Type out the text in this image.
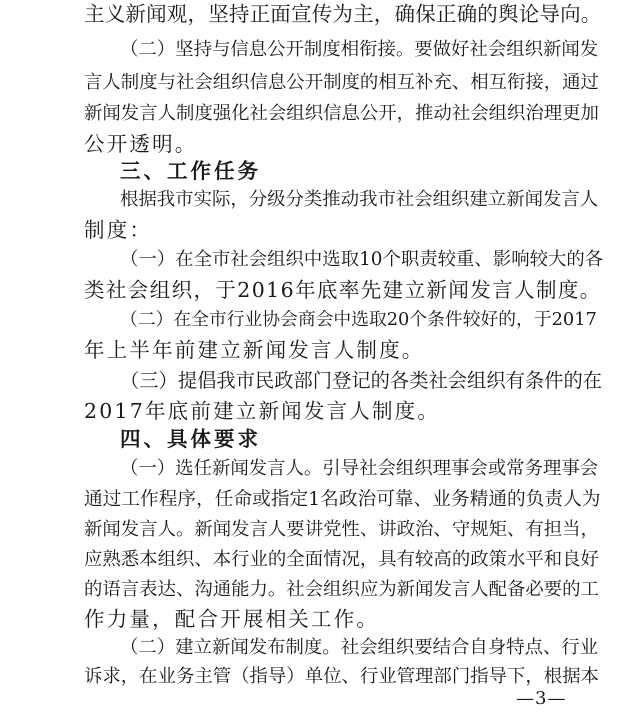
主义新闻观，坚持正面宣传为主，确保正确的舆论导向。
（二）坚持与信息公开制度相衔接。要做好社会组织新闻发
言人制度与社会组织信息公开制度的相互补充、相互衔接，通过
新闻发言人制度强化社会组织信息公开，推动社会组织治理更加
公开透明。
三、工作任务
根据我市实际，分级分类推动我市社会组织建立新闻发言人
制度：
（一）在全市社会组织中选取10个职责较重、影响较大的各
类社会组织，于2016年底率先建立新闻发言人制度。
（二）在全市行业协会商会中选取20个条件较好的，于2017
年上半年前建立新闻发言人制度。
（三）提倡我市民政部门登记的各类社会组织有条件的在
2017年底前建立新闻发言人制度。
四、具体要求
（一）选任新闻发言人。引导社会组织理事会或常务理事会
通过工作程序，任命或指定1名政治可靠、业务精通的负责人为
新闻发言人。新闻发言人要讲党性、讲政治、守规矩、有担当，
应熟悉本组织、本行业的全面情况，具有较高的政策水平和良好
的语言表达、沟通能力。社会组织应为新闻发言人配备必要的工
作力量，配合开展相关工作。
（二）建立新闻发布制度。社会组织要结合自身特点、行业
诉求，在业务主管（指导）单位、行业管理部门指导下，根据本
—3—
